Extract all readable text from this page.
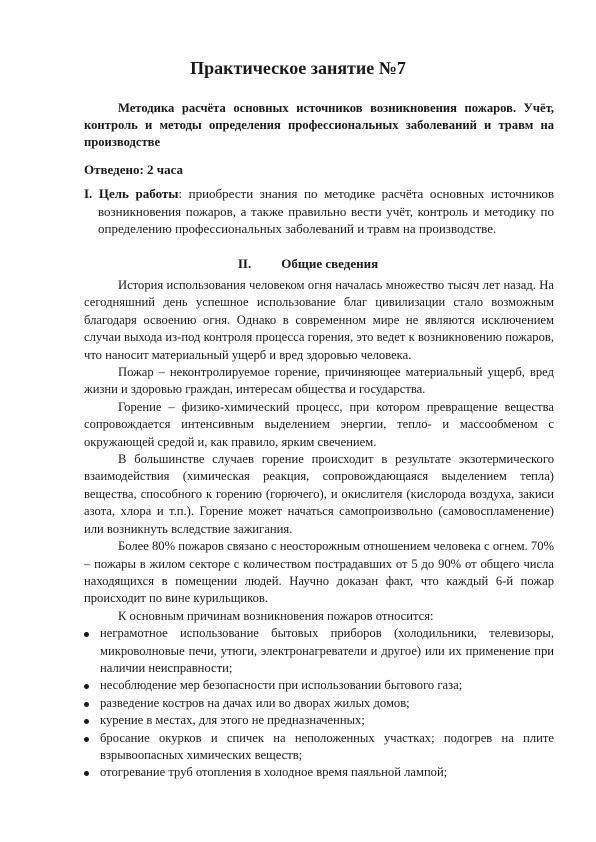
Практическое занятие №7

Методика расчёта основных источников возникновения пожаров. Учёт, контроль и методы определения профессиональных заболеваний и травм на производстве

Отведено: 2 часа

I. Цель работы: приобрести знания по методике расчёта основных источников возникновения пожаров, а также правильно вести учёт, контроль и методику по определению профессиональных заболеваний и травм на производстве.

II. Общие сведения

История использования человеком огня началась множество тысяч лет назад. На сегодняшний день успешное использование благ цивилизации стало возможным благодаря освоению огня. Однако в современном мире не являются исключением случаи выхода из-под контроля процесса горения, это ведет к возникновению пожаров, что наносит материальный ущерб и вред здоровью человека.

Пожар – неконтролируемое горение, причиняющее материальный ущерб, вред жизни и здоровью граждан, интересам общества и государства.

Горение – физико-химический процесс, при котором превращение вещества сопровождается интенсивным выделением энергии, тепло- и массообменом с окружающей средой и, как правило, ярким свечением.

В большинстве случаев горение происходит в результате экзотермического взаимодействия (химическая реакция, сопровождающаяся выделением тепла) вещества, способного к горению (горючего), и окислителя (кислорода воздуха, закиси азота, хлора и т.п.). Горение может начаться самопроизвольно (самовоспламенение) или возникнуть вследствие зажигания.

Более 80% пожаров связано с неосторожным отношением человека с огнем. 70% – пожары в жилом секторе с количеством пострадавших от 5 до 90% от общего числа находящихся в помещении людей. Научно доказан факт, что каждый 6-й пожар происходит по вине курильщиков.

К основным причинам возникновения пожаров относится:

неграмотное использование бытовых приборов (холодильники, телевизоры, микроволновые печи, утюги, электронагреватели и другое) или их применение при наличии неисправности;
несоблюдение мер безопасности при использовании бытового газа;
разведение костров на дачах или во дворах жилых домов;
курение в местах, для этого не предназначенных;
бросание окурков и спичек на неположенных участках; подогрев на плите взрывоопасных химических веществ;
отогревание труб отопления в холодное время паяльной лампой;
